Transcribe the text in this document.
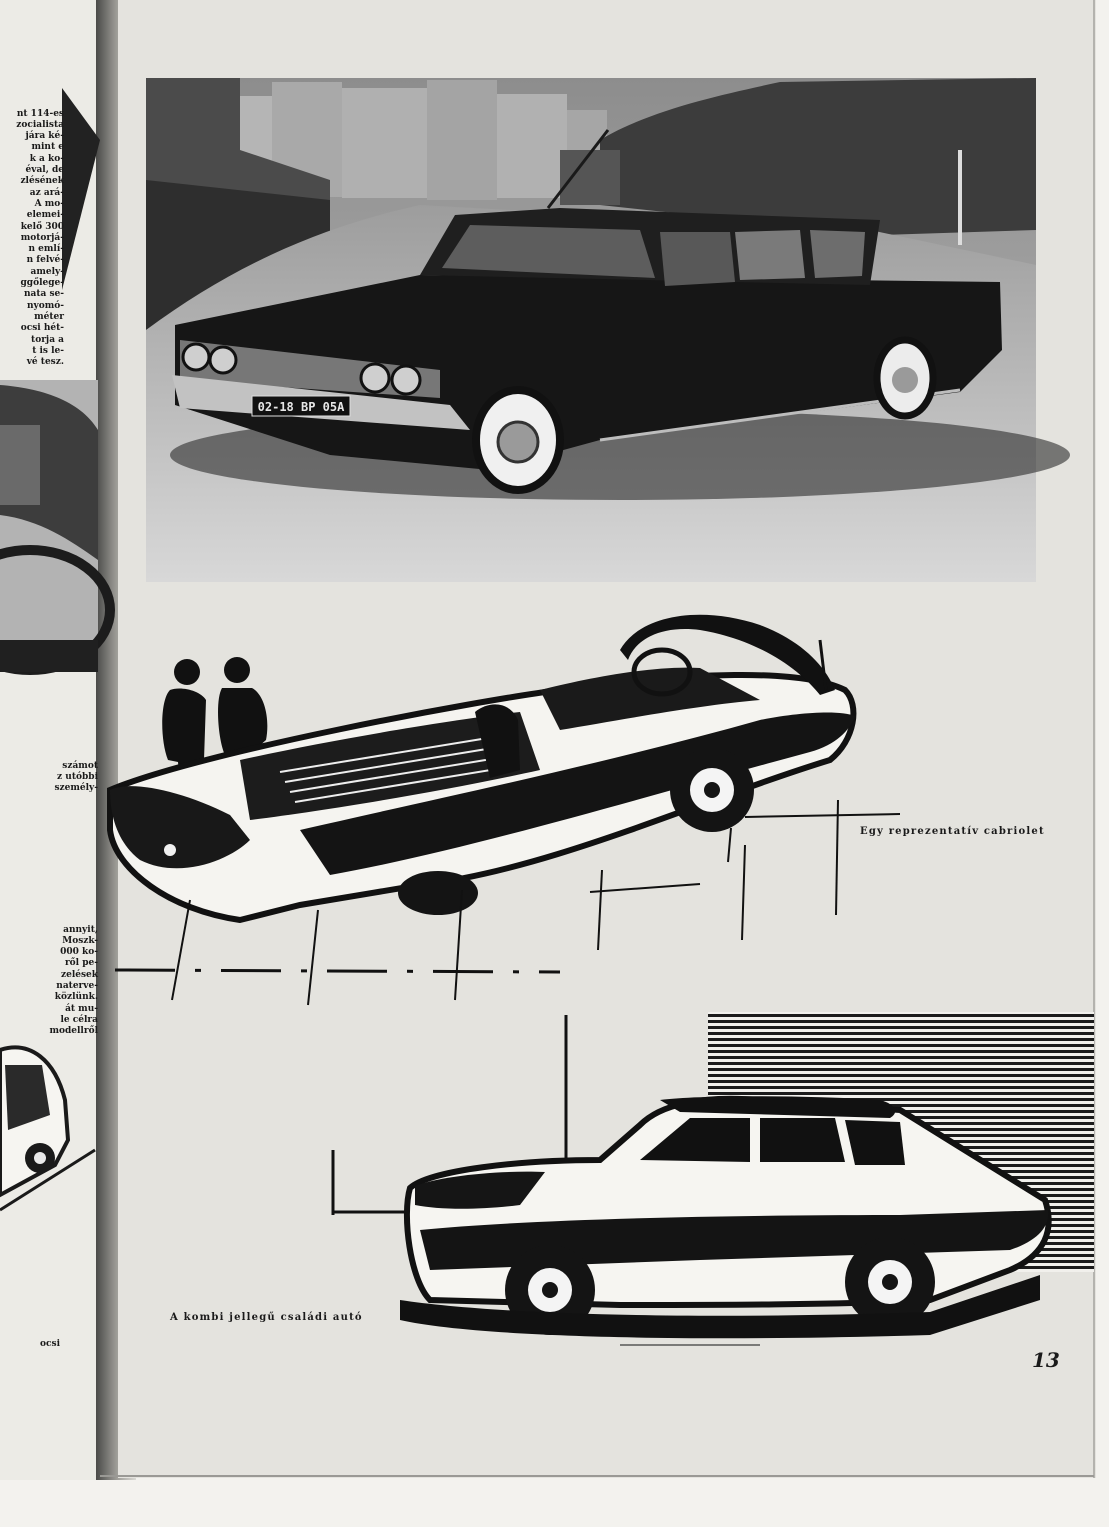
02-18 ВР 05А

nt 114-es
zocialista
jára ké-
mint e
k a ko-
éval, de
zlésének
az ará-
A mo-
elemei-
kelő 300
motorjá-
n emlí-
n felvé-
amely-
ggőlege-
nata se-
nyomó-
méter
ocsi hét-
torja a
t is le-
vé tesz.

számot
z utóbbi
személy-

annyit,
Moszk-
000 ko-
ről pe-
zelések
naterve-
közlünk.
át mu-
le célra
modellről

ocsi

Egy reprezentatív cabriolet
A kombi jellegű családi autó
13
